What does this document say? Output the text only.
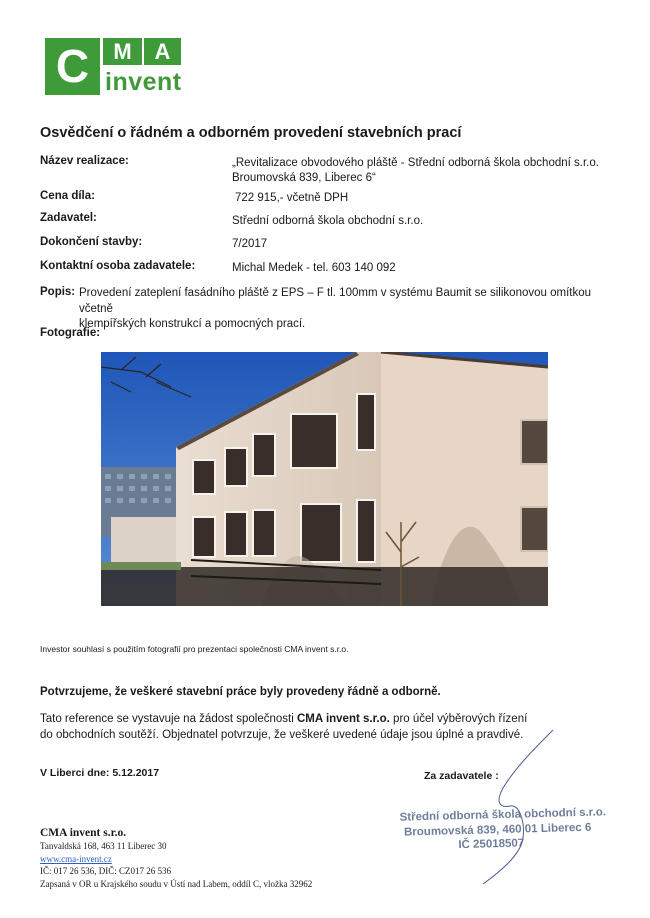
C	M	A
invent
Osvědčení o řádném a odborném provedení stavebních prací
Název realizace:	„Revitalizace obvodového pláště - Střední odborná škola obchodní s.r.o.
Broumovská 839, Liberec 6“
Cena díla:	722 915,- včetně DPH
Zadavatel:	Střední odborná škola obchodní s.r.o.
Dokončení stavby:	7/2017
Kontaktní osoba zadavatele:	Michal Medek - tel. 603 140 092
Popis: Provedení zateplení fasádního pláště z EPS – F tl. 100mm v systému Baumit se silikonovou omítkou včetně
klempířských konstrukcí a pomocných prací.
Fotografie:
Investor souhlasí s použitím fotografií pro prezentaci společnosti CMA invent s.r.o.
Potvrzujeme, že veškeré stavební práce byly provedeny řádně a odborně.
Tato reference se vystavuje na žádost společnosti CMA invent s.r.o. pro účel výběrových řízení
do obchodních soutěží. Objednatel potvrzuje, že veškeré uvedené údaje jsou úplné a pravdivé.
V Liberci dne: 5.12.2017	Za zadavatele :
Střední odborná škola obchodní s.r.o.
Broumovská 839, 460 01 Liberec 6
IČ 25018507
CMA invent s.r.o.
Tanvaldská 168, 463 11 Liberec 30
www.cma-invent.cz
IČ: 017 26 536, DIČ: CZ017 26 536
Zapsaná v OR u Krajského soudu v Ústí nad Labem, oddíl C, vložka 32962
